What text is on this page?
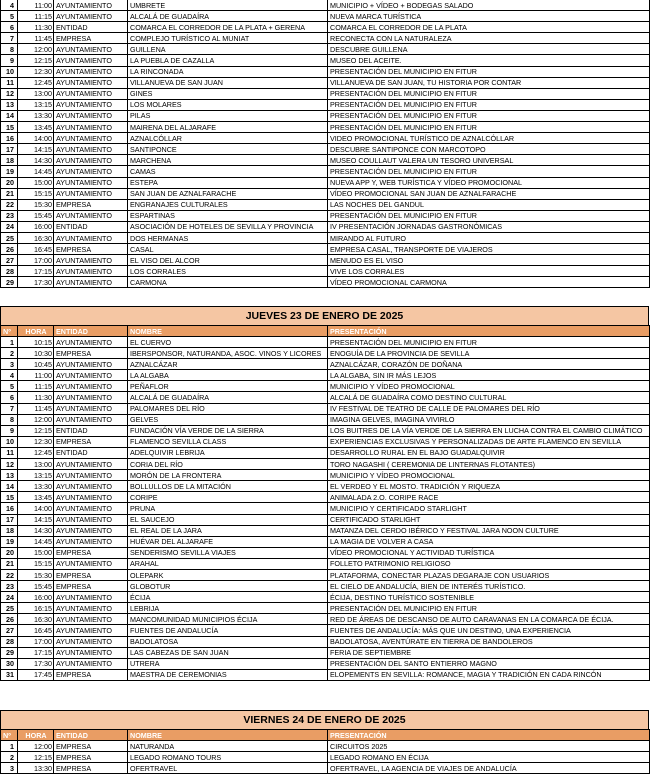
4	11:00	AYUNTAMIENTO	UMBRETE	MUNICIPIO + VÍDEO + BODEGAS SALADO
5	11:15	AYUNTAMIENTO	ALCALÁ DE GUADAÍRA	NUEVA MARCA TURÍSTICA
6	11:30	ENTIDAD	COMARCA EL CORREDOR DE LA PLATA + GERENA	COMARCA EL CORREDOR DE LA PLATA
7	11:45	EMPRESA	COMPLEJO TURÍSTICO AL MUNIAT	RECONECTA CON LA NATURALEZA
8	12:00	AYUNTAMIENTO	GUILLENA	DESCUBRE GUILLENA
9	12:15	AYUNTAMIENTO	LA PUEBLA DE CAZALLA	MUSEO DEL ACEITE.
10	12:30	AYUNTAMIENTO	LA RINCONADA	PRESENTACIÓN DEL MUNICIPIO EN FITUR
11	12:45	AYUNTAMIENTO	VILLANUEVA DE SAN JUAN	VILLANUEVA DE SAN JUAN, TU HISTORIA POR CONTAR
12	13:00	AYUNTAMIENTO	GINES	PRESENTACIÓN DEL MUNICIPIO EN FITUR
13	13:15	AYUNTAMIENTO	LOS MOLARES	PRESENTACIÓN DEL MUNICIPIO EN FITUR
14	13:30	AYUNTAMIENTO	PILAS	PRESENTACIÓN DEL MUNICIPIO EN FITUR
15	13:45	AYUNTAMIENTO	MAIRENA DEL ALJARAFE	PRESENTACIÓN DEL MUNICIPIO EN FITUR
16	14:00	AYUNTAMIENTO	AZNALCÓLLAR	VIDEO PROMOCIONAL TURÍSTICO DE AZNALCÓLLAR
17	14:15	AYUNTAMIENTO	SANTIPONCE	DESCUBRE SANTIPONCE CON MARCOTOPO
18	14:30	AYUNTAMIENTO	MARCHENA	MUSEO COULLAUT VALERA UN TESORO UNIVERSAL
19	14:45	AYUNTAMIENTO	CAMAS	PRESENTACIÓN DEL MUNICIPIO EN FITUR
20	15:00	AYUNTAMIENTO	ESTEPA	NUEVA APP Y, WEB TURÍSTICA Y VÍDEO PROMOCIONAL
21	15:15	AYUNTAMIENTO	SAN JUAN DE AZNALFARACHE	VÍDEO PROMOCIONAL SAN JUAN DE AZNALFARACHE
22	15:30	EMPRESA	ENGRANAJES CULTURALES	LAS NOCHES DEL GANDUL
23	15:45	AYUNTAMIENTO	ESPARTINAS	PRESENTACIÓN DEL MUNICIPIO EN FITUR
24	16:00	ENTIDAD	ASOCIACIÓN DE HOTELES DE SEVILLA Y PROVINCIA	IV PRESENTACIÓN JORNADAS GASTRONÓMICAS
25	16:30	AYUNTAMIENTO	DOS HERMANAS	MIRANDO AL FUTURO
26	16:45	EMPRESA	CASAL	EMPRESA CASAL, TRANSPORTE DE VIAJEROS
27	17:00	AYUNTAMIENTO	EL VISO DEL ALCOR	MENUDO ES EL VISO
28	17:15	AYUNTAMIENTO	LOS CORRALES	VIVE LOS CORRALES
29	17:30	AYUNTAMIENTO	CARMONA	VÍDEO PROMOCIONAL CARMONA
JUEVES 23 DE ENERO DE 2025
Nº	HORA	ENTIDAD	NOMBRE	PRESENTACIÓN
1	10:15	AYUNTAMIENTO	EL CUERVO	PRESENTACIÓN DEL MUNICIPIO EN FITUR
2	10:30	EMPRESA	IBERSPONSOR, NATURANDA, ASOC. VINOS Y LICORES	ENOGUÍA DE LA PROVINCIA DE SEVILLA
3	10:45	AYUNTAMIENTO	AZNALCÁZAR	AZNALCÁZAR, CORAZÓN DE DOÑANA
4	11:00	AYUNTAMIENTO	LA ALGABA	LA ALGABA, SIN IR MÁS LEJOS
5	11:15	AYUNTAMIENTO	PEÑAFLOR	MUNICIPIO Y VÍDEO PROMOCIONAL
6	11:30	AYUNTAMIENTO	ALCALÁ DE GUADAÍRA	ALCALÁ DE GUADAÍRA COMO DESTINO CULTURAL
7	11:45	AYUNTAMIENTO	PALOMARES DEL RÍO	IV FESTIVAL DE TEATRO DE CALLE DE PALOMARES DEL RÍO
8	12:00	AYUNTAMIENTO	GELVES	IMAGINA GELVES, IMAGINA VIVIRLO
9	12:15	ENTIDAD	FUNDACIÓN VÍA VERDE DE LA SIERRA	LOS BUITRES DE LA VÍA VERDE DE LA SIERRA EN LUCHA CONTRA EL CAMBIO CLIMÁTICO
10	12:30	EMPRESA	FLAMENCO SEVILLA CLASS	EXPERIENCIAS EXCLUSIVAS Y PERSONALIZADAS DE ARTE FLAMENCO EN SEVILLA
11	12:45	ENTIDAD	ADELQUIVIR LEBRIJA	DESARROLLO RURAL EN EL BAJO GUADALQUIVIR
12	13:00	AYUNTAMIENTO	CORIA DEL RÍO	TORO NAGASHI ( CEREMONIA DE LINTERNAS FLOTANTES)
13	13:15	AYUNTAMIENTO	MORÓN DE LA FRONTERA	MUNICIPIO Y VÍDEO PROMOCIONAL
14	13:30	AYUNTAMIENTO	BOLLULLOS DE LA MITACIÓN	EL VERDEO Y EL MOSTO. TRADICIÓN Y RIQUEZA
15	13:45	AYUNTAMIENTO	CORIPE	ANIMALADA 2.O. CORIPE RACE
16	14:00	AYUNTAMIENTO	PRUNA	MUNICIPIO Y CERTIFICADO STARLIGHT
17	14:15	AYUNTAMIENTO	EL SAUCEJO	CERTIFICADO STARLIGHT
18	14:30	AYUNTAMIENTO	EL REAL DE LA JARA	MATANZA DEL CERDO IBÉRICO Y FESTIVAL JARA NOON CULTURE
19	14:45	AYUNTAMIENTO	HUÉVAR DEL ALJARAFE	LA MAGIA DE VOLVER A CASA
20	15:00	EMPRESA	SENDERISMO SEVILLA VIAJES	VÍDEO PROMOCIONAL Y ACTIVIDAD TURÍSTICA
21	15:15	AYUNTAMIENTO	ARAHAL	FOLLETO PATRIMONIO RELIGIOSO
22	15:30	EMPRESA	OLEPARK	PLATAFORMA, CONECTAR PLAZAS DEGARAJE CON USUARIOS
23	15:45	EMPRESA	GLOBOTUR	EL CIELO DE ANDALUCÍA, BIEN DE INTERÉS TURÍSTICO.
24	16:00	AYUNTAMIENTO	ÉCIJA	ÉCIJA, DESTINO TURÍSTICO SOSTENIBLE
25	16:15	AYUNTAMIENTO	LEBRIJA	PRESENTACIÓN DEL MUNICIPIO EN FITUR
26	16:30	AYUNTAMIENTO	MANCOMUNIDAD MUNICIPIOS ÉCIJA	RED DE ÁREAS DE DESCANSO DE AUTO CARAVANAS EN LA COMARCA DE ÉCIJA.
27	16:45	AYUNTAMIENTO	FUENTES DE ANDALUCÍA	FUENTES DE ANDALUCÍA: MÁS QUE UN DESTINO, UNA EXPERIENCIA
28	17:00	AYUNTAMIENTO	BADOLATOSA	BADOLATOSA, AVENTÚRATE EN TIERRA DE BANDOLEROS
29	17:15	AYUNTAMIENTO	LAS CABEZAS DE SAN JUAN	FERIA DE SEPTIEMBRE
30	17:30	AYUNTAMIENTO	UTRERA	PRESENTACIÓN DEL SANTO ENTIERRO MAGNO
31	17:45	EMPRESA	MAESTRA DE CEREMONIAS	ELOPEMENTS EN SEVILLA: ROMANCE, MAGIA Y TRADICIÓN EN CADA RINCÓN
VIERNES 24 DE ENERO DE 2025
Nº	HORA	ENTIDAD	NOMBRE	PRESENTACIÓN
1	12:00	EMPRESA	NATURANDA	CIRCUITOS 2025
2	12:15	EMPRESA	LEGADO ROMANO TOURS	LEGADO ROMANO EN ÉCIJA
3	13:30	EMPRESA	OFERTRAVEL	OFERTRAVEL, LA AGENCIA DE VIAJES DE ANDALUCÍA
